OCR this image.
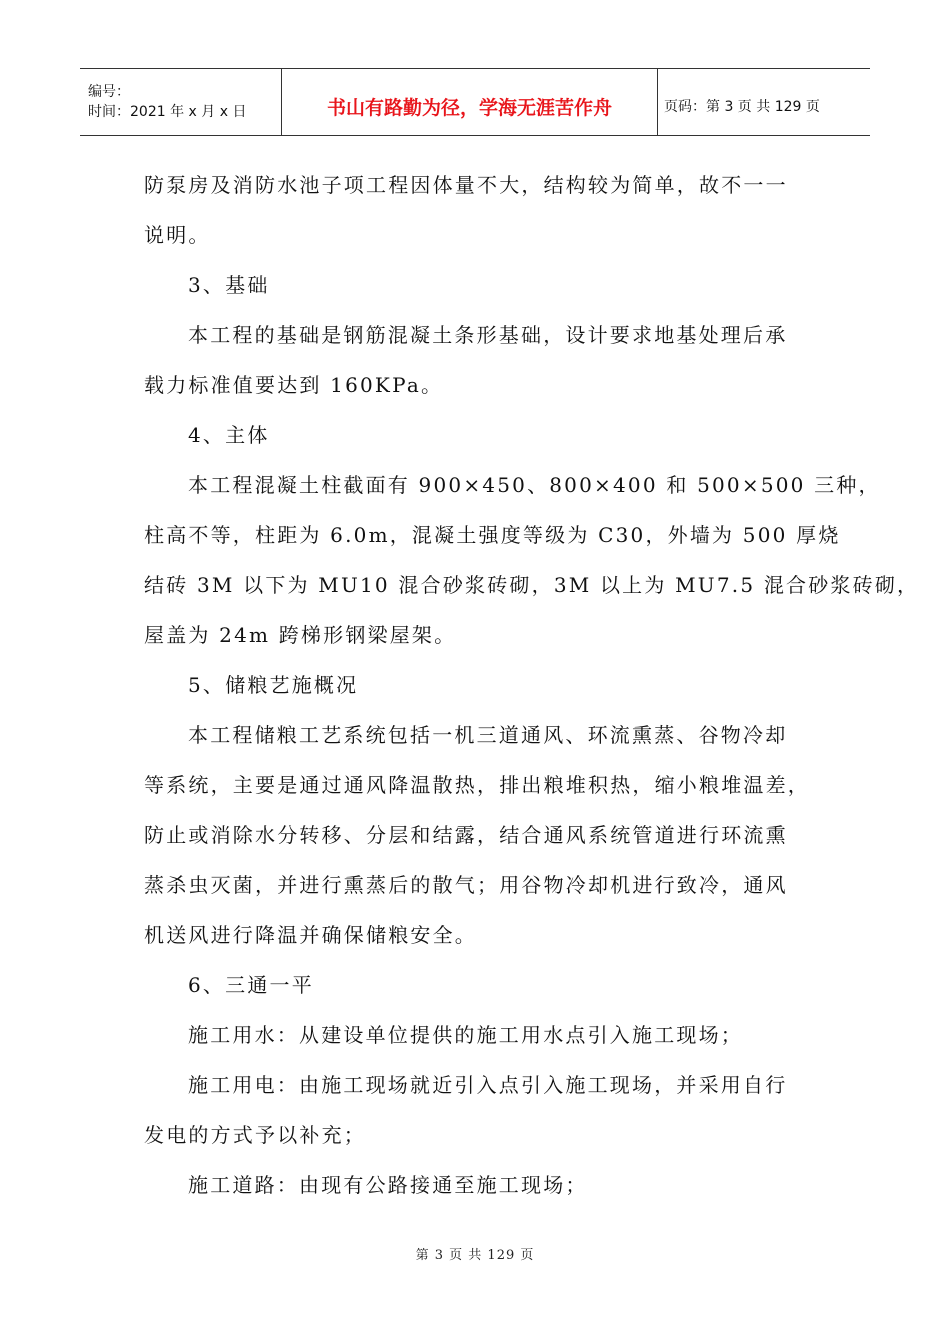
编号：
时间：2021 年 x 月 x 日	书山有路勤为径，学海无涯苦作舟	页码：第 3 页 共 129 页

防泵房及消防水池子项工程因体量不大，结构较为简单，故不一一

说明。

3、基础

本工程的基础是钢筋混凝土条形基础，设计要求地基处理后承

载力标准值要达到 160KPa。

4、主体

本工程混凝土柱截面有 900×450、800×400 和 500×500 三种，

柱高不等，柱距为 6.0m，混凝土强度等级为 C30，外墙为 500 厚烧

结砖 3M 以下为 MU10 混合砂浆砖砌，3M 以上为 MU7.5 混合砂浆砖砌，

屋盖为 24m 跨梯形钢梁屋架。

5、储粮艺施概况

本工程储粮工艺系统包括一机三道通风、环流熏蒸、谷物冷却

等系统，主要是通过通风降温散热，排出粮堆积热，缩小粮堆温差，

防止或消除水分转移、分层和结露，结合通风系统管道进行环流熏

蒸杀虫灭菌，并进行熏蒸后的散气；用谷物冷却机进行致冷，通风

机送风进行降温并确保储粮安全。

6、三通一平

施工用水：从建设单位提供的施工用水点引入施工现场；

施工用电：由施工现场就近引入点引入施工现场，并采用自行

发电的方式予以补充；

施工道路：由现有公路接通至施工现场；

第 3 页 共 129 页
